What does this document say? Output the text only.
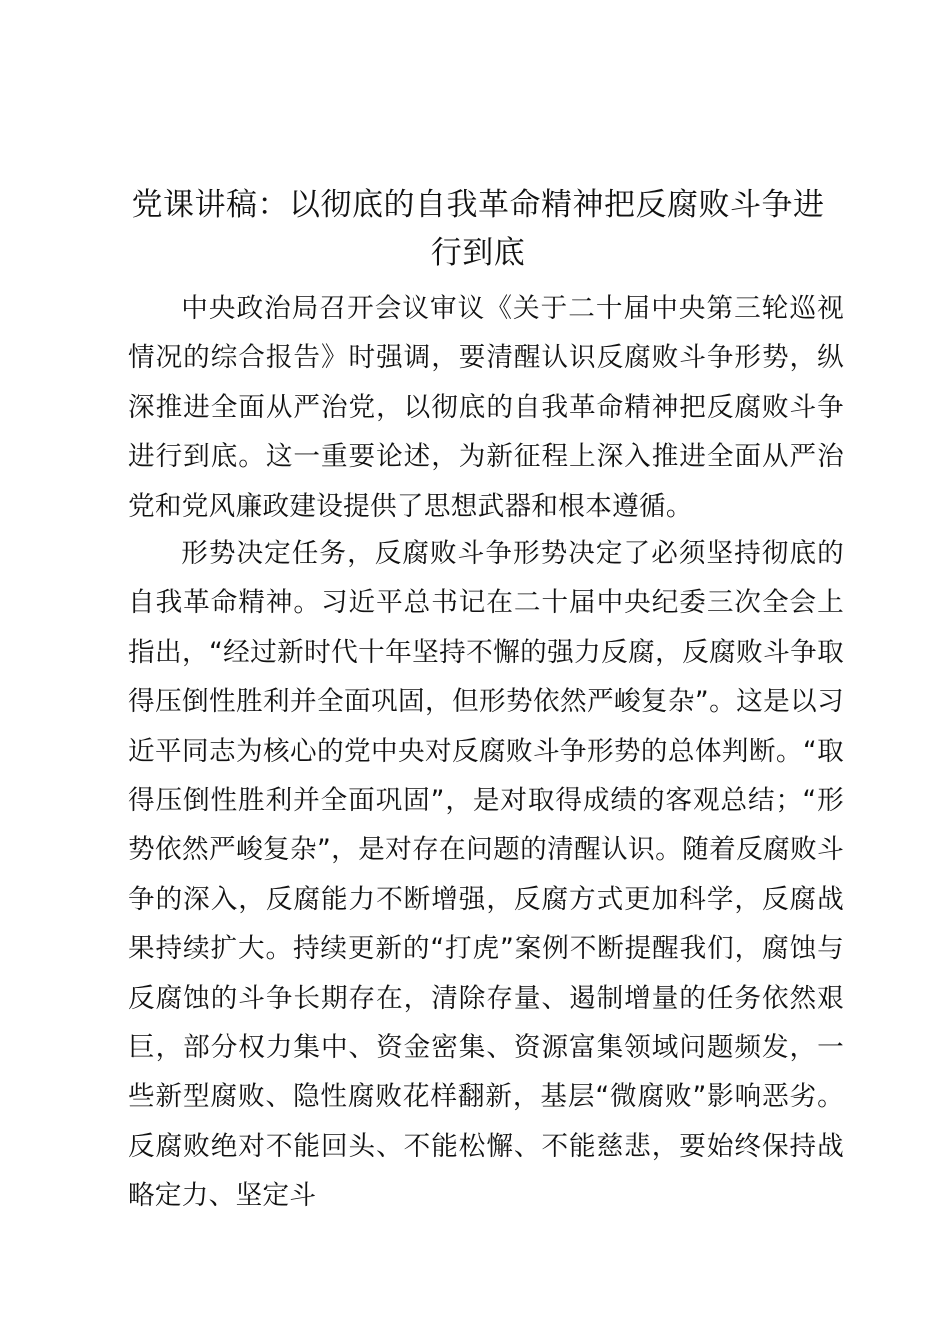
党课讲稿：以彻底的自我革命精神把反腐败斗争进行到底

中央政治局召开会议审议《关于二十届中央第三轮巡视情况的综合报告》时强调，要清醒认识反腐败斗争形势，纵深推进全面从严治党，以彻底的自我革命精神把反腐败斗争进行到底。这一重要论述，为新征程上深入推进全面从严治党和党风廉政建设提供了思想武器和根本遵循。

形势决定任务，反腐败斗争形势决定了必须坚持彻底的自我革命精神。习近平总书记在二十届中央纪委三次全会上指出，“经过新时代十年坚持不懈的强力反腐，反腐败斗争取得压倒性胜利并全面巩固，但形势依然严峻复杂”。这是以习近平同志为核心的党中央对反腐败斗争形势的总体判断。“取得压倒性胜利并全面巩固”，是对取得成绩的客观总结；“形势依然严峻复杂”，是对存在问题的清醒认识。随着反腐败斗争的深入，反腐能力不断增强，反腐方式更加科学，反腐战果持续扩大。持续更新的“打虎”案例不断提醒我们，腐蚀与反腐蚀的斗争长期存在，清除存量、遏制增量的任务依然艰巨，部分权力集中、资金密集、资源富集领域问题频发，一些新型腐败、隐性腐败花样翻新，基层“微腐败”影响恶劣。反腐败绝对不能回头、不能松懈、不能慈悲，要始终保持战略定力、坚定斗
